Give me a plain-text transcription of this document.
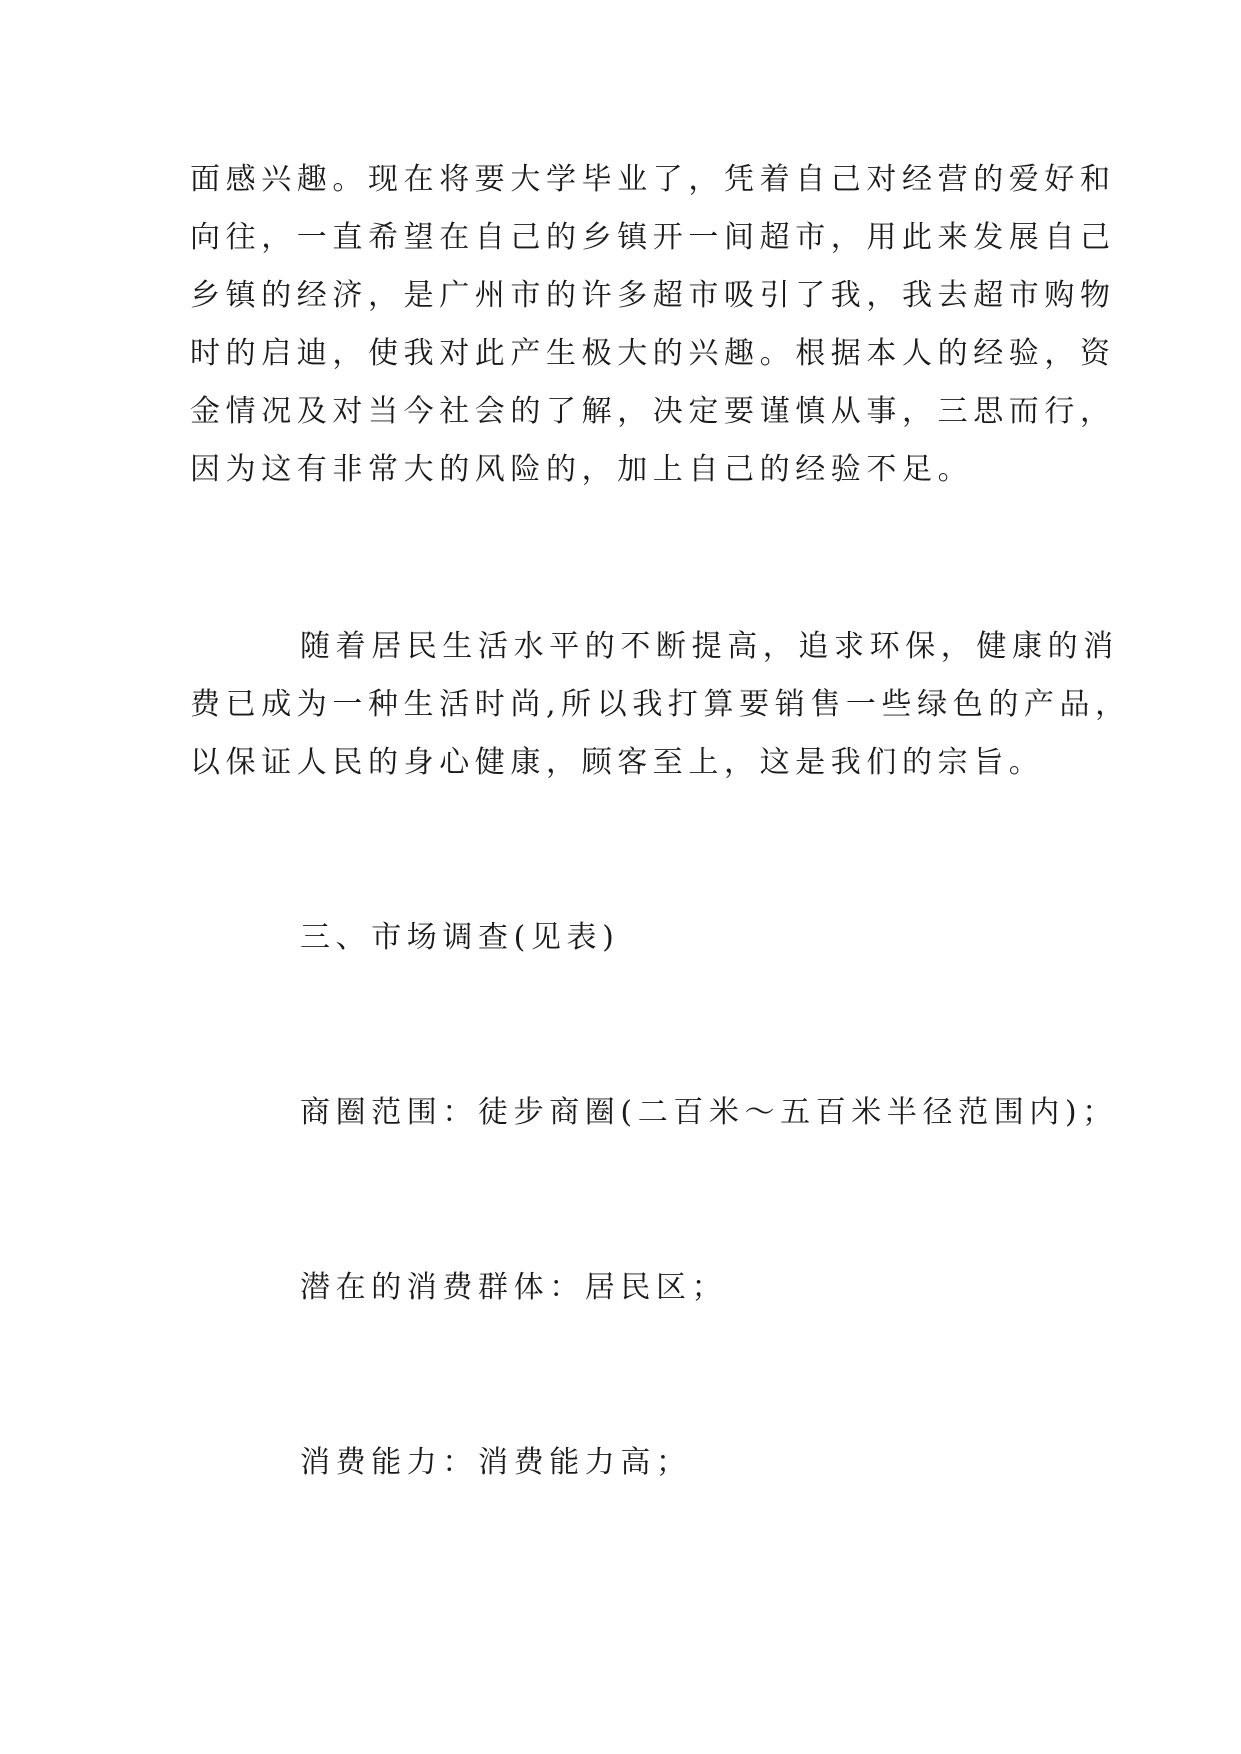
面感兴趣。现在将要大学毕业了，凭着自己对经营的爱好和

向往，一直希望在自己的乡镇开一间超市，用此来发展自己

乡镇的经济，是广州市的许多超市吸引了我，我去超市购物

时的启迪，使我对此产生极大的兴趣。根据本人的经验，资

金情况及对当今社会的了解，决定要谨慎从事，三思而行，

因为这有非常大的风险的，加上自己的经验不足。

随着居民生活水平的不断提高，追求环保，健康的消

费已成为一种生活时尚,所以我打算要销售一些绿色的产品，

以保证人民的身心健康，顾客至上，这是我们的宗旨。

三、市场调查(见表)

商圈范围：徒步商圈(二百米～五百米半径范围内)；

潜在的消费群体：居民区；

消费能力：消费能力高；
